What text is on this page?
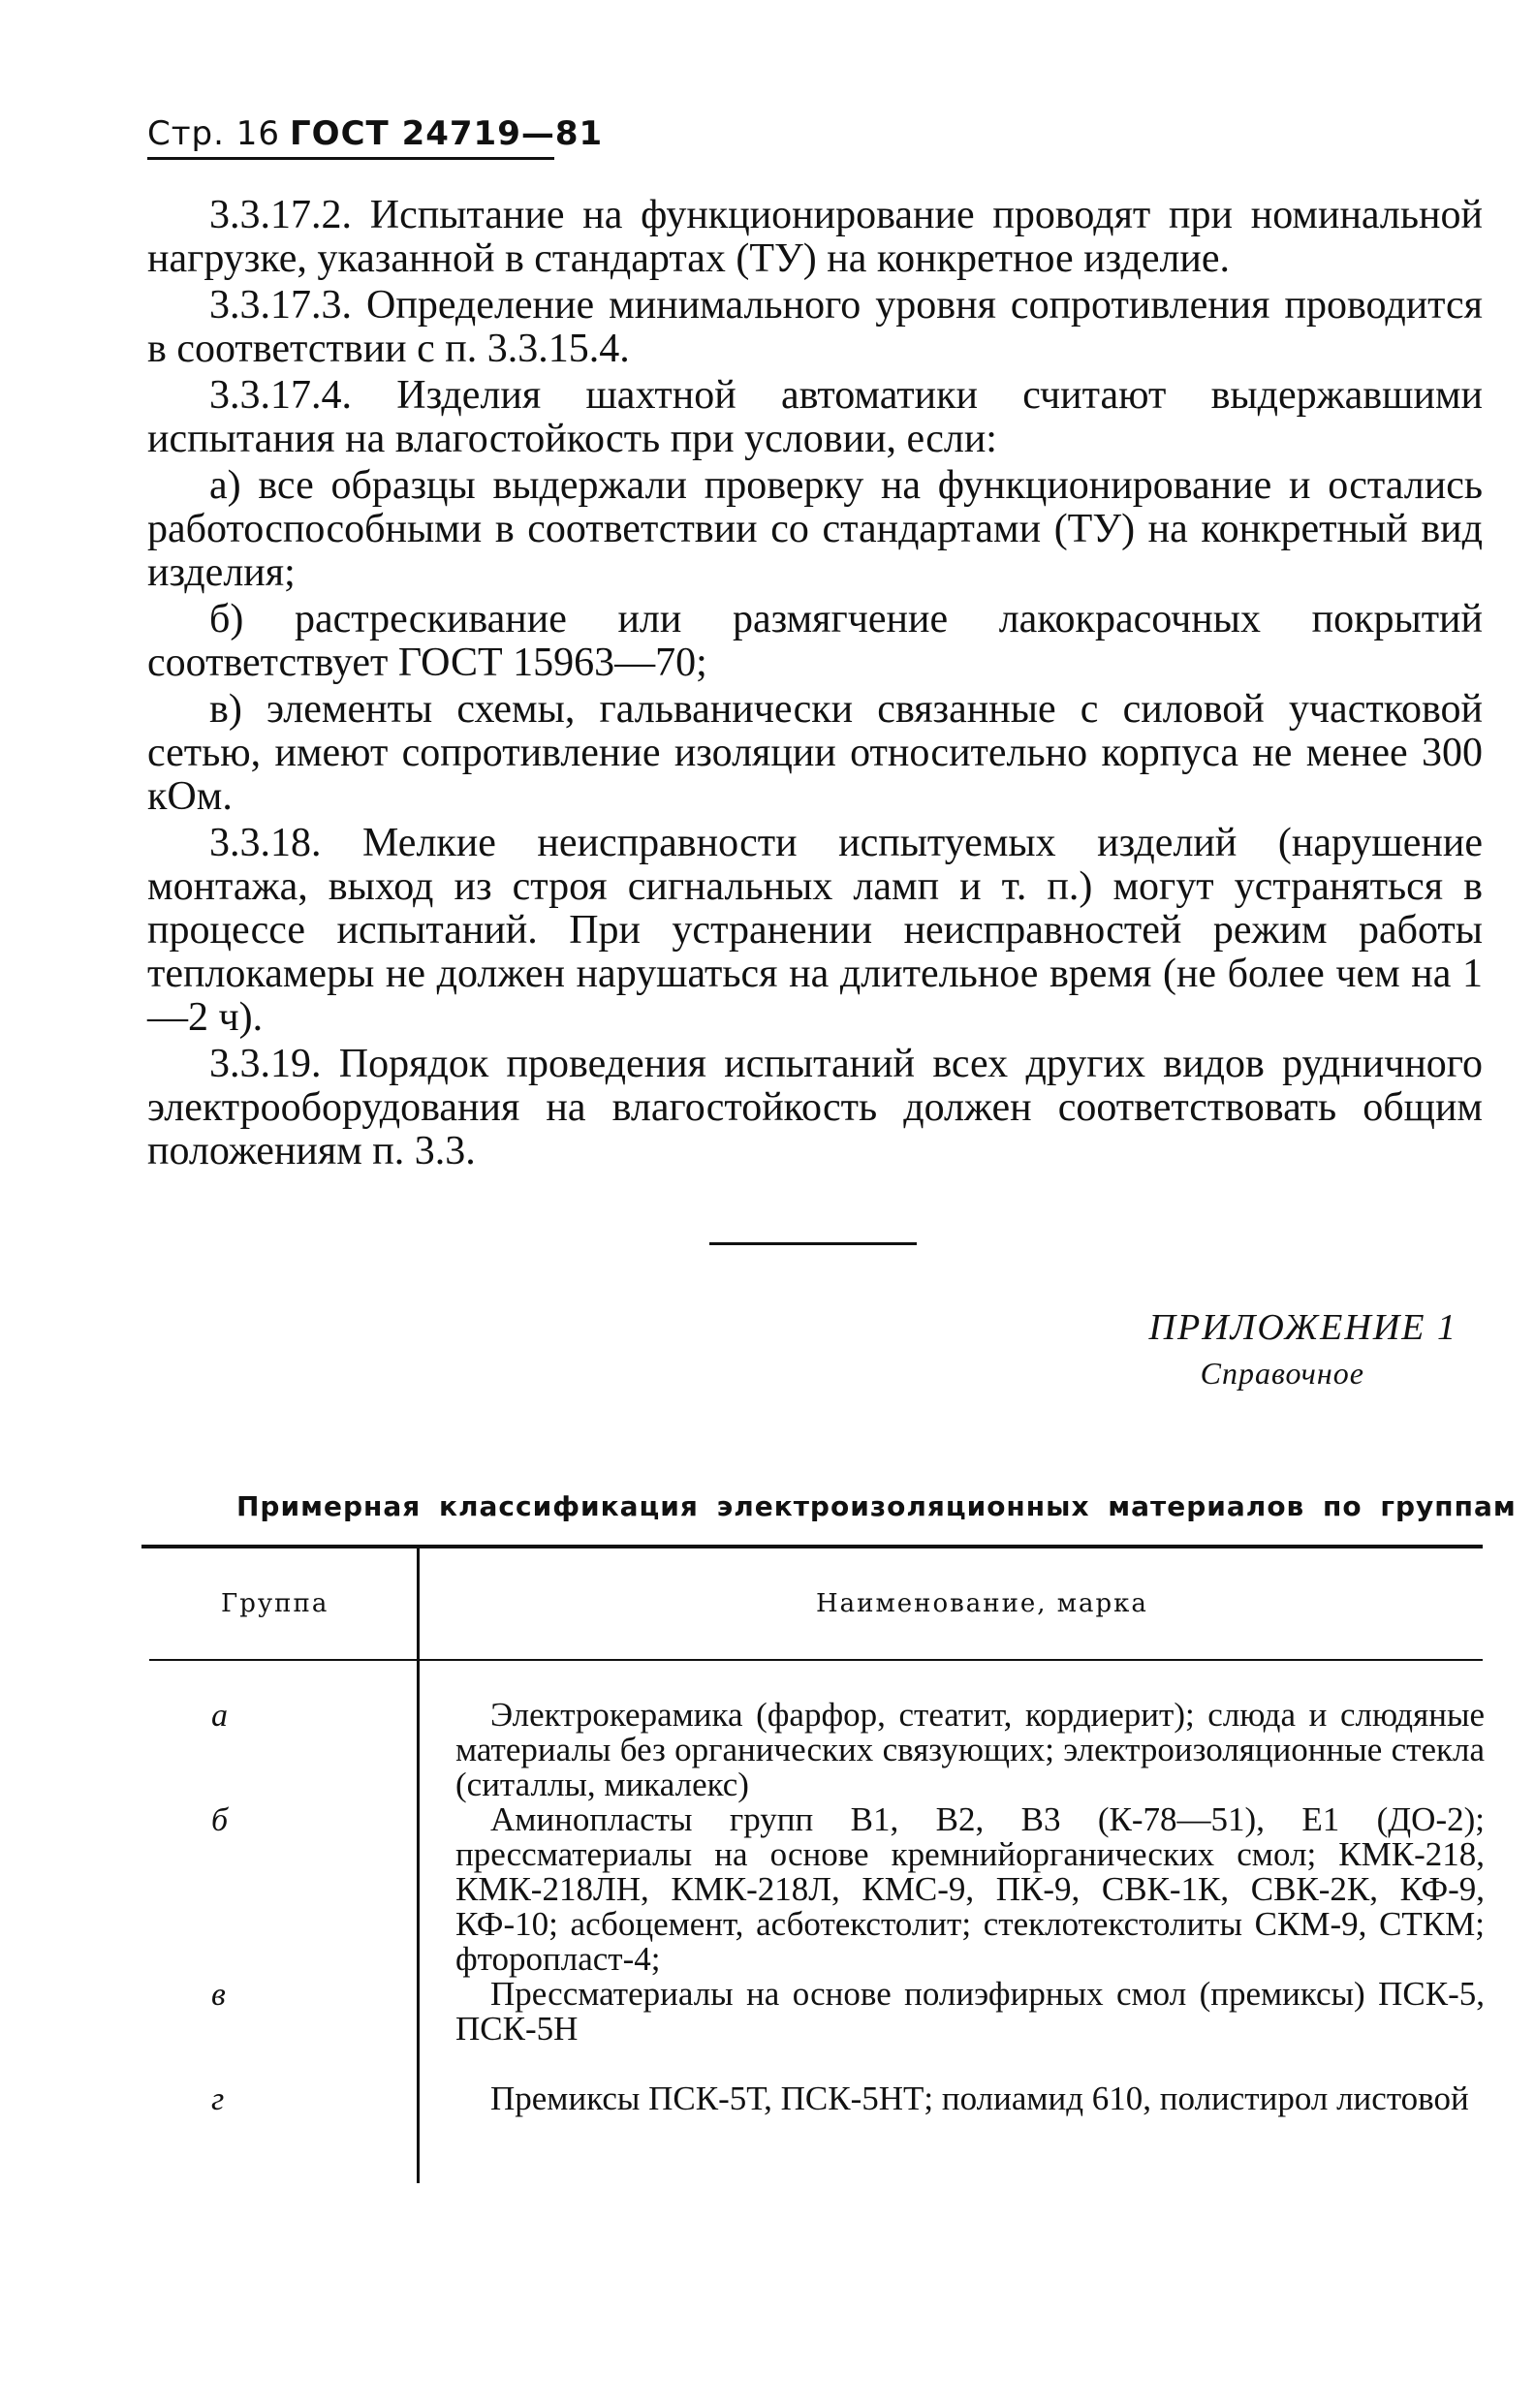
Стр. 16 ГОСТ 24719—81

3.3.17.2. Испытание на функционирование проводят при номинальной нагрузке, указанной в стандартах (ТУ) на конкретное изделие.

3.3.17.3. Определение минимального уровня сопротивления проводится в соответствии с п. 3.3.15.4.

3.3.17.4. Изделия шахтной автоматики считают выдержавшими испытания на влагостойкость при условии, если:

а) все образцы выдержали проверку на функционирование и остались работоспособными в соответствии со стандартами (ТУ) на конкретный вид изделия;

б) растрескивание или размягчение лакокрасочных покрытий соответствует ГОСТ 15963—70;

в) элементы схемы, гальванически связанные с силовой участковой сетью, имеют сопротивление изоляции относительно корпуса не менее 300 кОм.

3.3.18. Мелкие неисправности испытуемых изделий (нарушение монтажа, выход из строя сигнальных ламп и т. п.) могут устраняться в процессе испытаний. При устранении неисправностей режим работы теплокамеры не должен нарушаться на длительное время (не более чем на 1—2 ч).

3.3.19. Порядок проведения испытаний всех других видов рудничного электрооборудования на влагостойкость должен соответствовать общим положениям п. 3.3.

ПРИЛОЖЕНИЕ 1
Справочное
Примерная классификация электроизоляционных материалов по группам
Группа	Наименование, марка
а	Электрокерамика (фарфор, стеатит, кордиерит); слюда и слюдяные материалы без органических связующих; электроизоляционные стекла (ситаллы, микалекс)

б	Аминопласты групп В1, В2, В3 (К-78—51), Е1 (ДО-2); прессматериалы на основе кремнийорганических смол; КМК-218, КМК-218ЛН, КМК-218Л, КМС-9, ПК-9, СВК-1К, СВК-2К, КФ-9, КФ-10; асбоцемент, асботекстолит; стеклотекстолиты СКМ-9, СТКМ; фторопласт-4;

в	Прессматериалы на основе полиэфирных смол (премиксы) ПСК-5, ПСК-5Н

г	Премиксы ПСК-5Т, ПСК-5НТ; полиамид 610, полистирол листовой
